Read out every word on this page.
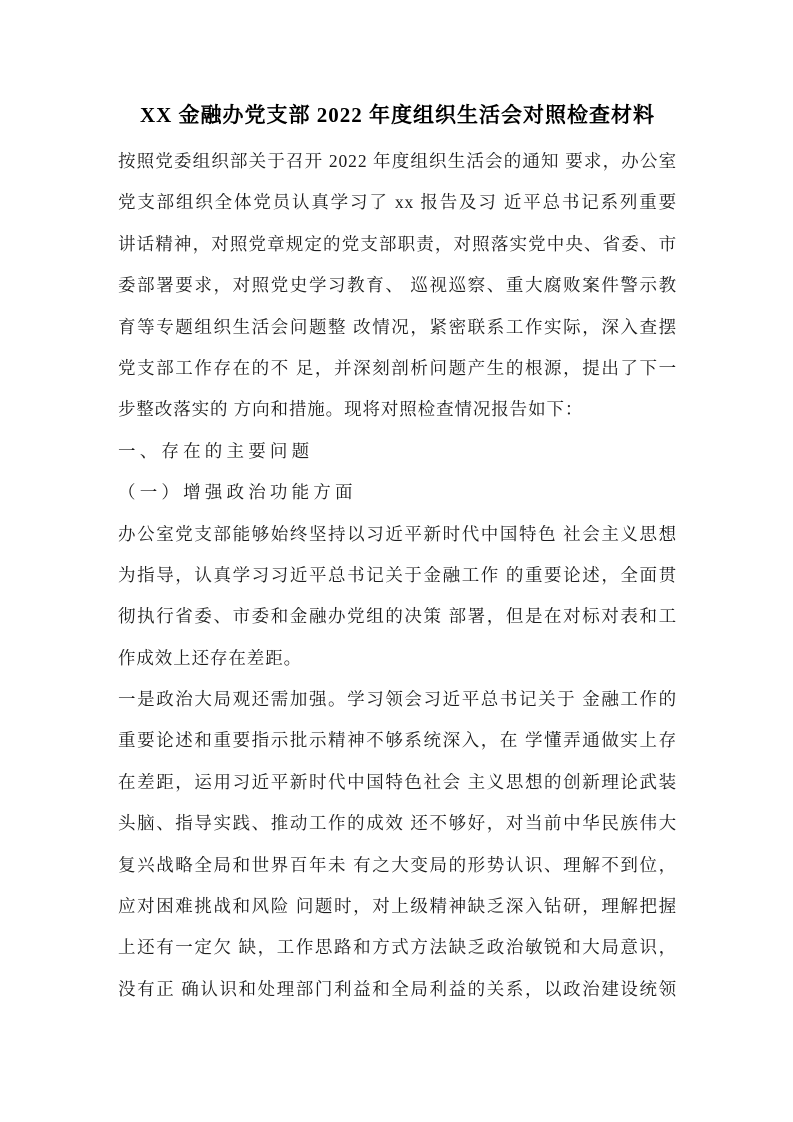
XX 金融办党支部 2022 年度组织生活会对照检查材料
按照党委组织部关于召开 2022 年度组织生活会的通知 要求，办公室
党支部组织全体党员认真学习了 xx 报告及习 近平总书记系列重要
讲话精神，对照党章规定的党支部职责，对照落实党中央、省委、市
委部署要求，对照党史学习教育、 巡视巡察、重大腐败案件警示教
育等专题组织生活会问题整 改情况，紧密联系工作实际，深入查摆
党支部工作存在的不 足，并深刻剖析问题产生的根源，提出了下一
步整改落实的 方向和措施。现将对照检查情况报告如下：
一、存在的主要问题
（一）增强政治功能方面
办公室党支部能够始终坚持以习近平新时代中国特色 社会主义思想
为指导，认真学习习近平总书记关于金融工作 的重要论述，全面贯
彻执行省委、市委和金融办党组的决策 部署，但是在对标对表和工
作成效上还存在差距。
一是政治大局观还需加强。学习领会习近平总书记关于 金融工作的
重要论述和重要指示批示精神不够系统深入，在 学懂弄通做实上存
在差距，运用习近平新时代中国特色社会 主义思想的创新理论武装
头脑、指导实践、推动工作的成效 还不够好，对当前中华民族伟大
复兴战略全局和世界百年未 有之大变局的形势认识、理解不到位，
应对困难挑战和风险 问题时，对上级精神缺乏深入钻研，理解把握
上还有一定欠 缺，工作思路和方式方法缺乏政治敏锐和大局意识，
没有正 确认识和处理部门利益和全局利益的关系，以政治建设统领
